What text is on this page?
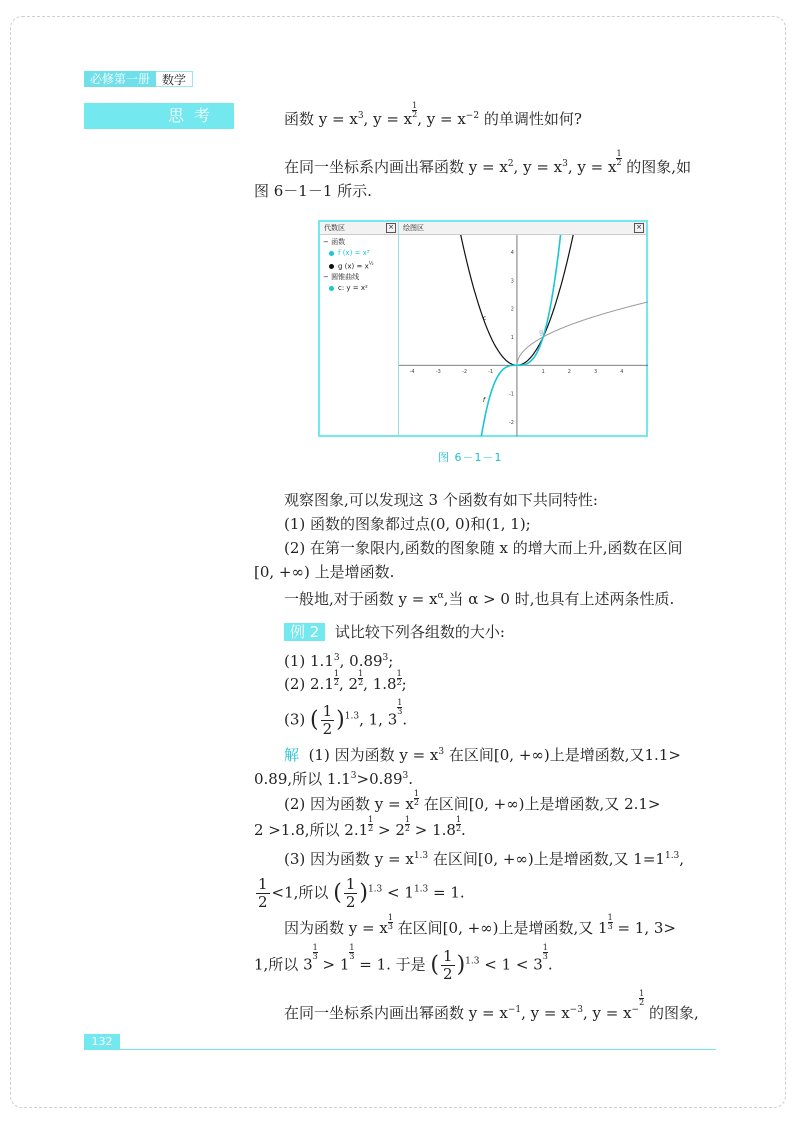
必修第一册	数学
思考	函数 $y = x^3$, y = x $\frac{1}{2}$, $y = x^{-2}$ 的单调性如何?
在同一坐标系内画出幂函数 $y = x^2$, $y = x^3$, y = x $\frac{1}{2}$ 的图象,如
图 6－1－1 所示.
代数区	×
− 函数
f (x) = x³
g $(x) = x^{\frac{1}{2}}$
− 圆锥曲线
c: y = x²
绘图区	×
-4	-3	-2	-1	1	2	3	4
-2
-1
1
2
3
4
c
f
g
图 6－1－1
观察图象,可以发现这 3 个函数有如下共同特性:
(1) 函数的图象都过点(0, 0)和(1, 1);
(2) 在第一象限内,函数的图象随 x 的增大而上升,函数在区间
[0, +∞) 上是增函数.
一般地,对于函数 $y = x^\alpha$,当 α > 0 时,也具有上述两条性质.
例 2 试比较下列各组数的大小:
(1) $1.1^3$, 0.89$^3$;
(2) $2.1 \frac{1}{2}$, $2 \frac{1}{2}$, $1.8 \frac{1}{2}$;
(3) ( $\frac{1}{2})^{1.3}$, 1, 3
$\frac{1}{3}$.
解 (1) 因为函数 $y = x^3$ 在区间[0, +∞)上是增函数,又1.1>
0.89,所以 $1.1^3>0.89^3$.
(2) 因为函数 y = x $\frac{1}{2}$ 在区间[0, +∞)上是增函数,又 2.1>
2 >1.8,所以 $2.1 \frac{1}{2} > 2 \frac{1}{2} > 1.8 \frac{1}{2}$.
(3) 因为函数 $y = x^{1.3}$ 在区间[0, +∞)上是增函数,又 $1=1^{1.3}$,
$\frac{1}{2} <1$,所以 ( $\frac{1}{2})^{1.3} < 1^{1.3} = 1$.
因为函数 y = x $\frac{1}{3}$ 在区间[0, +∞)上是增函数,又 $1 \frac{1}{3} = 1$, 3>
1,所以 3
$\frac{1}{3} > 1$
$\frac{1}{3} = 1$. 于是 ( $\frac{1}{2})^{1.3} < 1 < 3$
$\frac{1}{3}$.
在同一坐标系内画出幂函数 $y = x^{-1}$, $y = x^{-3}$, $y = x^{- \frac{1}{2}}$ 的图象,
132
